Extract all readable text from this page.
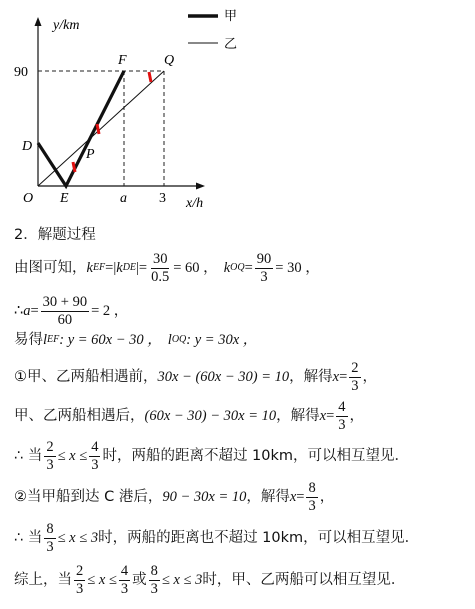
y/km
x/h
O
90
a 3
D
E
F
P
Q
甲
乙
2．解题过程
由图可知， k EF =| k DE |= $\frac{30}{0.5} = 60$ ， k OQ = $\frac{90}{3} = 30$ ，
∴ $a = \frac{30 + 90}{60} = 2$ ，
易得 l EF : y = 60x − 30 ， l OQ : y = 30x ，
①甲、乙两船相遇前， 30x − (60x − 30) = 10 ，解得 $x = \frac{2}{3}$ ，
甲、乙两船相遇后， (60x − 30) − 30x = 10 ，解得 $x = \frac{4}{3}$ ，
∴ 当 $\frac{2}{3} \le x \le \frac{4}{3}$ 时，两船的距离不超过 10km，可以相互望见．
②当甲船到达 C 港后， 90 − 30x = 10 ，解得 $x = \frac{8}{3}$ ，
∴ 当 $\frac{8}{3} \le x \le 3$ 时，两船的距离也不超过 10km，可以相互望见．
综上，当 $\frac{2}{3} \le x \le \frac{4}{3}$ 或 $\frac{8}{3} \le x \le 3$ 时，甲、乙两船可以相互望见．
